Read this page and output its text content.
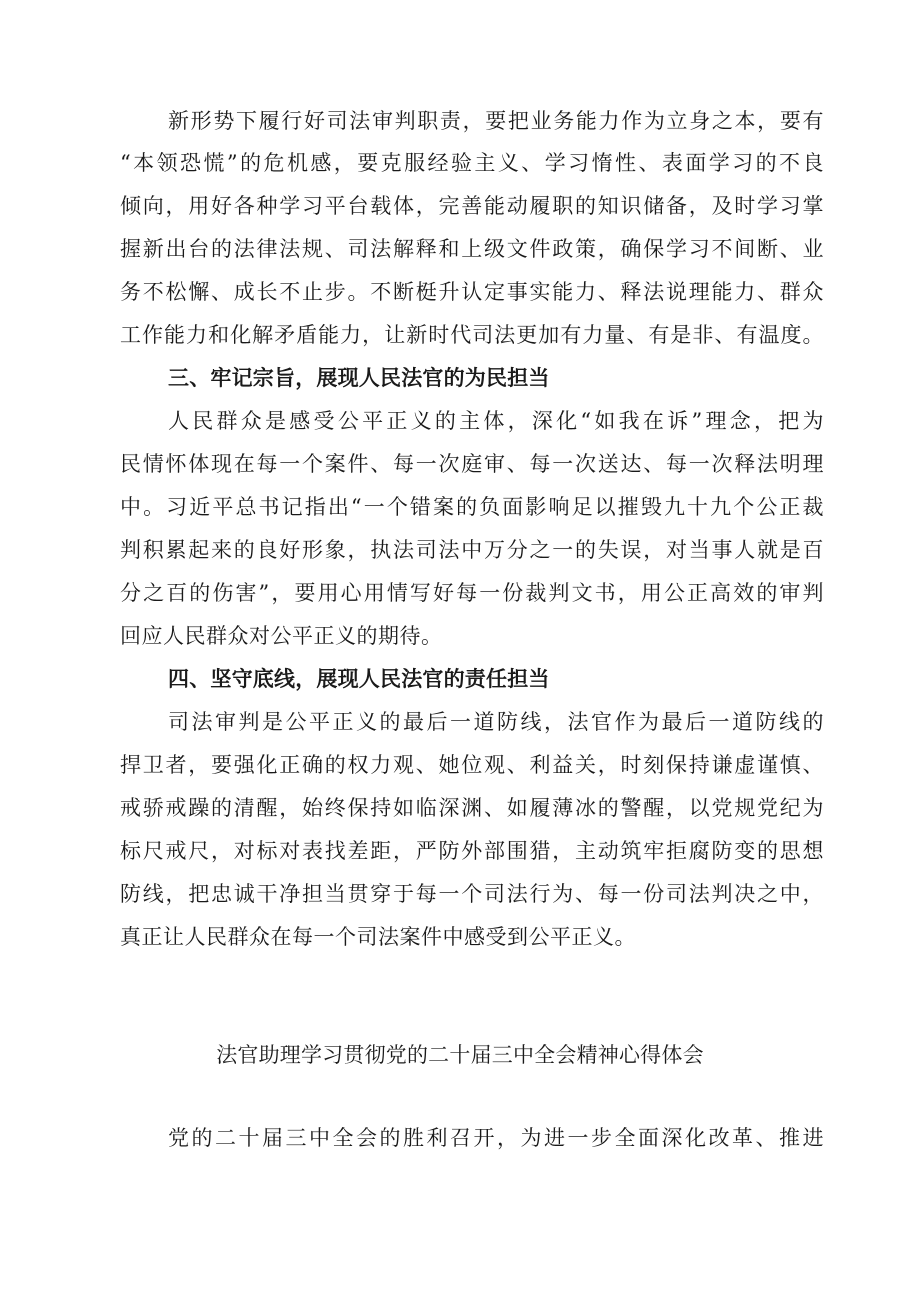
新形势下履行好司法审判职责，要把业务能力作为立身之本，要有
“本领恐慌”的危机感，要克服经验主义、学习惰性、表面学习的不良
倾向，用好各种学习平台载体，完善能动履职的知识储备，及时学习掌
握新出台的法律法规、司法解释和上级文件政策，确保学习不间断、业
务不松懈、成长不止步。不断梃升认定事实能力、释法说理能力、群众
工作能力和化解矛盾能力，让新时代司法更加有力量、有是非、有温度。
三、牢记宗旨，展现人民法官的为民担当
人民群众是感受公平正义的主体，深化“如我在诉”理念，把为
民情怀体现在每一个案件、每一次庭审、每一次送达、每一次释法明理
中。习近平总书记指出“一个错案的负面影响足以摧毁九十九个公正裁
判积累起来的良好形象，执法司法中万分之一的失误，对当事人就是百
分之百的伤害”，要用心用情写好每一份裁判文书，用公正高效的审判
回应人民群众对公平正义的期待。
四、坚守底线，展现人民法官的责任担当
司法审判是公平正义的最后一道防线，法官作为最后一道防线的
捍卫者，要强化正确的权力观、她位观、利益关，时刻保持谦虚谨慎、
戒骄戒躁的清醒，始终保持如临深渊、如履薄冰的警醒，以党规党纪为
标尺戒尺，对标对表找差距，严防外部围猎，主动筑牢拒腐防变的思想
防线，把忠诚干净担当贯穿于每一个司法行为、每一份司法判决之中，
真正让人民群众在每一个司法案件中感受到公平正义。
法官助理学习贯彻党的二十届三中全会精神心得体会
党的二十届三中全会的胜利召开，为进一步全面深化改革、推进
